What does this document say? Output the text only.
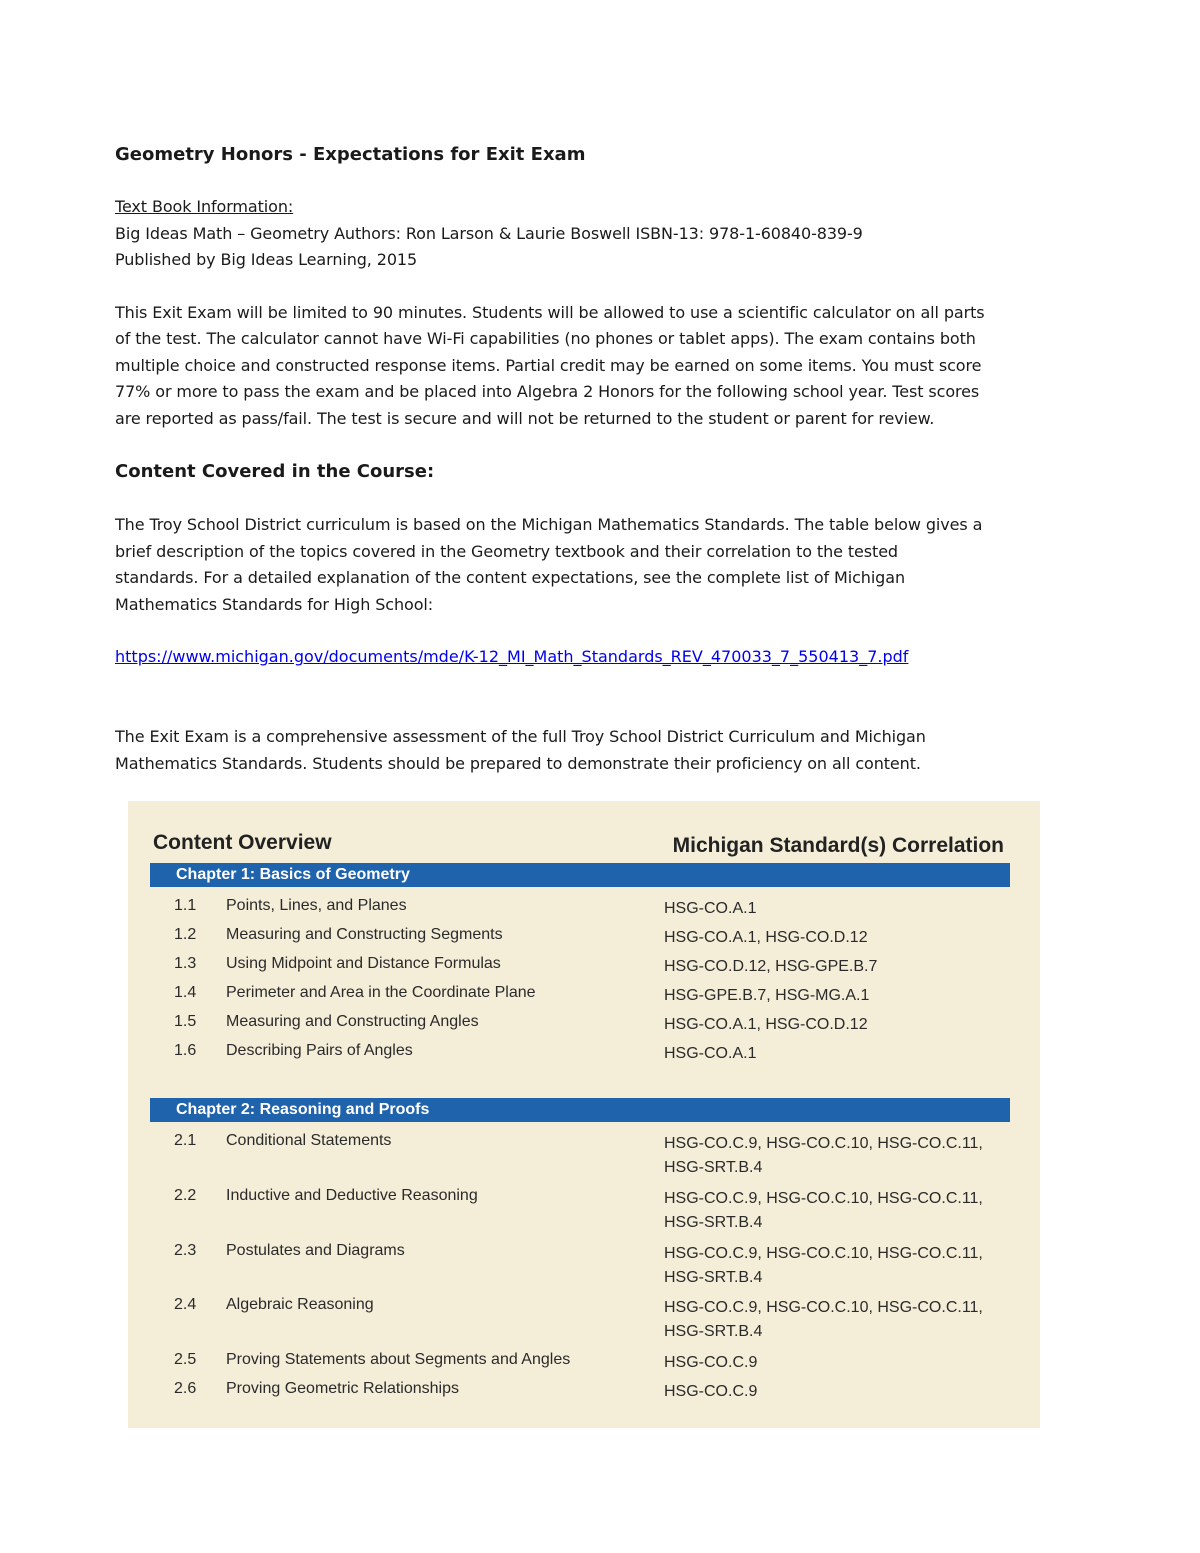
Geometry Honors - Expectations for Exit Exam
Text Book Information:
Big Ideas Math – Geometry Authors: Ron Larson & Laurie Boswell ISBN-13: 978-1-60840-839-9
Published by Big Ideas Learning, 2015
This Exit Exam will be limited to 90 minutes. Students will be allowed to use a scientific calculator on all parts
of the test. The calculator cannot have Wi-Fi capabilities (no phones or tablet apps). The exam contains both
multiple choice and constructed response items. Partial credit may be earned on some items. You must score
77% or more to pass the exam and be placed into Algebra 2 Honors for the following school year. Test scores
are reported as pass/fail. The test is secure and will not be returned to the student or parent for review.
Content Covered in the Course:
The Troy School District curriculum is based on the Michigan Mathematics Standards. The table below gives a
brief description of the topics covered in the Geometry textbook and their correlation to the tested
standards. For a detailed explanation of the content expectations, see the complete list of Michigan
Mathematics Standards for High School:
https://www.michigan.gov/documents/mde/K-12_MI_Math_Standards_REV_470033_7_550413_7.pdf
The Exit Exam is a comprehensive assessment of the full Troy School District Curriculum and Michigan
Mathematics Standards. Students should be prepared to demonstrate their proficiency on all content.
Content Overview	Michigan Standard(s) Correlation
Chapter 1: Basics of Geometry
1.1 Points, Lines, and Planes	HSG-CO.A.1
1.2 Measuring and Constructing Segments	HSG-CO.A.1, HSG-CO.D.12
1.3 Using Midpoint and Distance Formulas	HSG-CO.D.12, HSG-GPE.B.7
1.4 Perimeter and Area in the Coordinate Plane	HSG-GPE.B.7, HSG-MG.A.1
1.5 Measuring and Constructing Angles	HSG-CO.A.1, HSG-CO.D.12
1.6 Describing Pairs of Angles	HSG-CO.A.1
Chapter 2: Reasoning and Proofs
2.1 Conditional Statements	HSG-CO.C.9, HSG-CO.C.10, HSG-CO.C.11, HSG-SRT.B.4
2.2 Inductive and Deductive Reasoning	HSG-CO.C.9, HSG-CO.C.10, HSG-CO.C.11, HSG-SRT.B.4
2.3 Postulates and Diagrams	HSG-CO.C.9, HSG-CO.C.10, HSG-CO.C.11, HSG-SRT.B.4
2.4 Algebraic Reasoning	HSG-CO.C.9, HSG-CO.C.10, HSG-CO.C.11, HSG-SRT.B.4
2.5 Proving Statements about Segments and Angles	HSG-CO.C.9
2.6 Proving Geometric Relationships	HSG-CO.C.9
